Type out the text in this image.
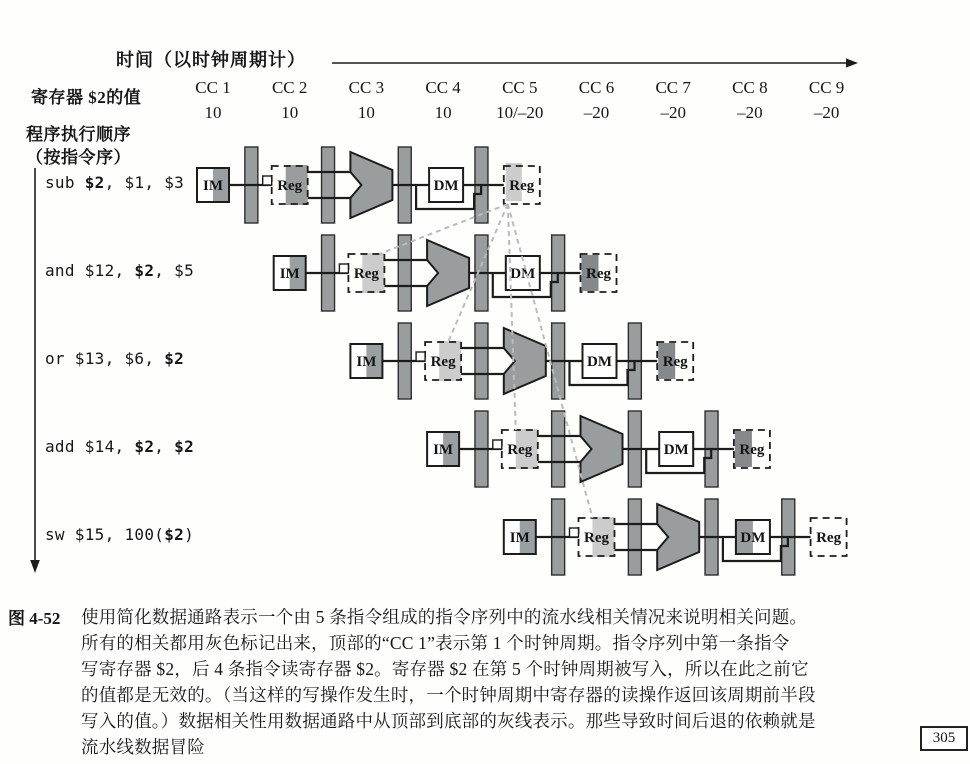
IM	Reg	DM	Reg
IM	Reg	DM	Reg
IM	Reg	DM	Reg
IM	Reg	DM	Reg
IM	Reg	DM	Reg
时间（以时钟周期计）
寄存器 $2的值
程序执行顺序
（按指令序）
CC 1	CC 2	CC 3	CC 4	CC 5	CC 6	CC 7	CC 8	CC 9
10	10	10	10	10/–20	–20	–20	–20	–20
sub $2, $1, $3
and $12, $2, $5
or $13, $6, $2
add $14, $2, $2
sw $15, 100($2)
图 4-52 使用简化数据通路表示一个由 5 条指令组成的指令序列中的流水线相关情况来说明相关问题。
所有的相关都用灰色标记出来，顶部的“CC 1”表示第 1 个时钟周期。指令序列中第一条指令
写寄存器 $2，后 4 条指令读寄存器 $2。寄存器 $2 在第 5 个时钟周期被写入，所以在此之前它
的值都是无效的。（当这样的写操作发生时，一个时钟周期中寄存器的读操作返回该周期前半段
写入的值。）数据相关性用数据通路中从顶部到底部的灰线表示。那些导致时间后退的依赖就是
流水线数据冒险	305
